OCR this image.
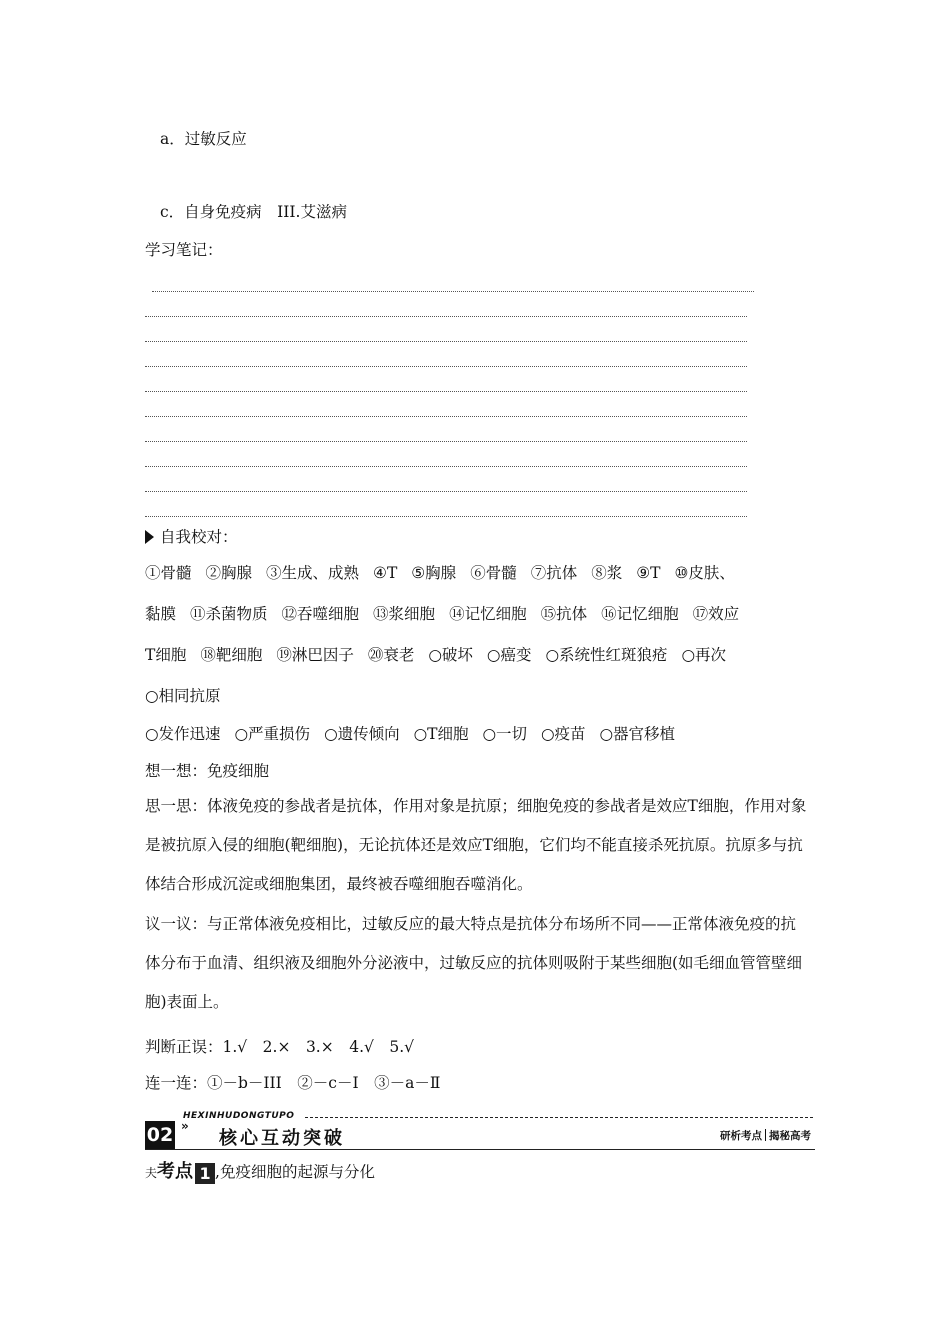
a．过敏反应
c．自身免疫病　III.艾滋病
学习笔记：
自我校对：
①骨髓 ②胸腺 ③生成、成熟 ④T ⑤胸腺 ⑥骨髓 ⑦抗体 ⑧浆 ⑨T ⑩皮肤、
黏膜 ⑪杀菌物质 ⑫吞噬细胞 ⑬浆细胞 ⑭记忆细胞 ⑮抗体 ⑯记忆细胞 ⑰效应
T细胞 ⑱靶细胞 ⑲淋巴因子 ⑳衰老 ○破坏 ○癌变 ○系统性红斑狼疮 ○再次
○相同抗原
○发作迅速 ○严重损伤 ○遗传倾向 ○T细胞 ○一切 ○疫苗 ○器官移植
想一想：免疫细胞
思一思：体液免疫的参战者是抗体，作用对象是抗原；细胞免疫的参战者是效应T细胞，作用对象是被抗原入侵的细胞(靶细胞)，无论抗体还是效应T细胞，它们均不能直接杀死抗原。抗原多与抗体结合形成沉淀或细胞集团，最终被吞噬细胞吞噬消化。
议一议：与正常体液免疫相比，过敏反应的最大特点是抗体分布场所不同——正常体液免疫的抗体分布于血清、组织液及细胞外分泌液中，过敏反应的抗体则吸附于某些细胞(如毛细血管管壁细胞)表面上。
判断正误：1.√　2.×　3.×　4.√　5.√
连一连：①－b－III　②－c－Ⅰ　③－a－Ⅱ
HEXINHUDONGTUPO
02 »
核心互动突破	研析考点 揭秘高考
夫考点 1 ,免疫细胞的起源与分化
